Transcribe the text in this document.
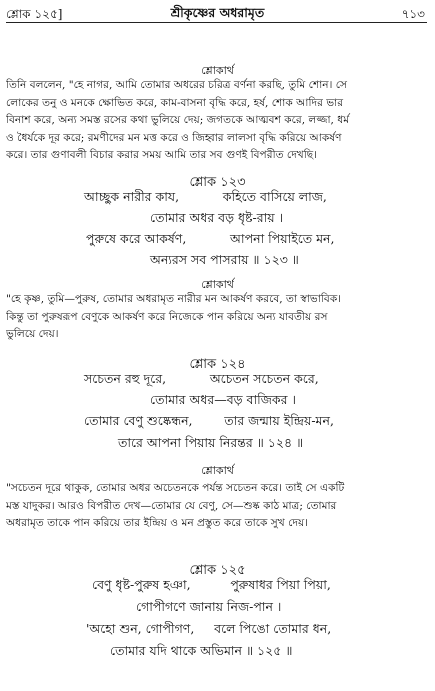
শ্লোক ১২৫]	শ্রীকৃষ্ণের অধরামৃত	৭১৩
শ্লোকার্থ
তিনি বললেন, "হে নাগর, আমি তোমার অধরের চরিত্র বর্ণনা করছি, তুমি শোন। সে
লোকের তনু ও মনকে ক্ষোভিত করে, কাম-বাসনা বৃদ্ধি করে, হর্ষ, শোক আদির ভার
বিনাশ করে, অন্য সমস্ত রসের কথা ভুলিয়ে দেয়; জগতকে আত্মবশ করে, লজ্জা, ধর্ম
ও ধৈর্যকে দূর করে; রমণীদের মন মত্ত করে ও জিহ্বার লালসা বৃদ্ধি করিয়ে আকর্ষণ
করে। তার গুণাবলী বিচার করার সময় আমি তার সব গুণই বিপরীত দেখছি।
শ্লোক ১২৩
আচ্ছুক নারীর কায,           কহিতে বাসিয়ে লাজ,
তোমার অধর বড় ধৃষ্ট-রায় ।
পুরুষে করে আকর্ষণ,           আপনা পিয়াইতে মন,
অন্যরস সব পাসরায় ॥ ১২৩ ॥
শ্লোকার্থ
"হে কৃষ্ণ, তুমি—পুরুষ, তোমার অধরামৃত নারীর মন আকর্ষণ করবে, তা স্বাভাবিক।
কিন্তু তা পুরুষরূপ বেণুকে আকর্ষণ করে নিজেকে পান করিয়ে অন্য যাবতীয় রস
ভুলিয়ে দেয়।
শ্লোক ১২৪
সচেতন রহু দূরে,           অচেতন সচেতন করে,
তোমার অধর—বড় বাজিকর ।
তোমার বেণু শুষ্কেন্ধন,        তার জন্মায় ইন্দ্রিয়-মন,
তারে আপনা পিয়ায় নিরন্তর ॥ ১২৪ ॥
শ্লোকার্থ
"সচেতন দূরে থাকুক, তোমার অধর অচেতনকে পর্যন্ত সচেতন করে। তাই সে একটি
মস্ত যাদুকর। আরও বিপরীত দেখ—তোমার যে বেণু, সে—শুষ্ক কাঠ মাত্র; তোমার
অধরামৃত তাকে পান করিয়ে তার ইন্দ্রিয় ও মন প্রস্তুত করে তাকে সুখ দেয়।
শ্লোক ১২৫
বেণু ধৃষ্ট-পুরুষ হঞা,          পুরুষাধর পিয়া পিয়া,
গোপীগণে জানায় নিজ-পান ।
'অহো শুন, গোপীগণ,     বলে পিঙো তোমার ধন,
তোমার যদি থাকে অভিমান ॥ ১২৫ ॥
